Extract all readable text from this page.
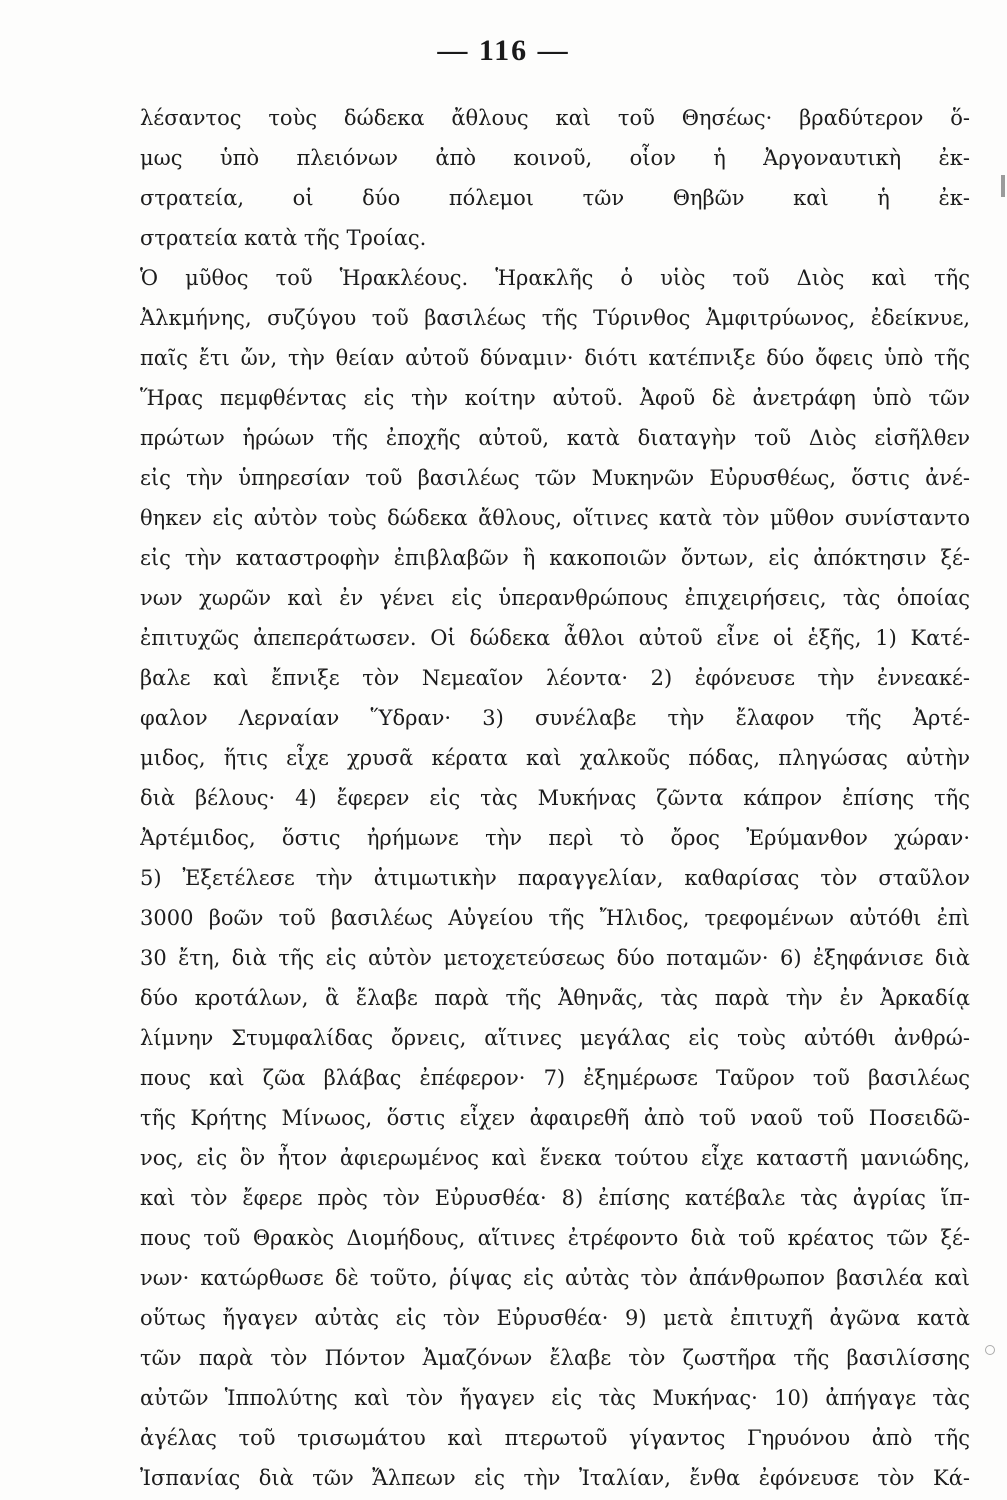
— 116 —
λέσαντος τοὺς δώδεκα ἄθλους καὶ τοῦ Θησέως· βραδύτερον ὅ-
μως ὑπὸ πλειόνων ἀπὸ κοινοῦ, οἷον ἡ Ἀργοναυτικὴ ἐκ-
στρατεία, οἱ δύο πόλεμοι τῶν Θηβῶν καὶ ἡ ἐκ-
στρατεία κατὰ τῆς Τροίας.
Ὁ μῦθος τοῦ Ἡρακλέους. Ἡρακλῆς ὁ υἱὸς τοῦ Διὸς καὶ τῆς
Ἀλκμήνης, συζύγου τοῦ βασιλέως τῆς Τύρινθος Ἀμφιτρύωνος, ἐδείκνυε,
παῖς ἔτι ὤν, τὴν θείαν αὐτοῦ δύναμιν· διότι κατέπνιξε δύο ὄφεις ὑπὸ τῆς
Ἥρας πεμφθέντας εἰς τὴν κοίτην αὐτοῦ. Ἀφοῦ δὲ ἀνετράφη ὑπὸ τῶν
πρώτων ἡρώων τῆς ἐποχῆς αὐτοῦ, κατὰ διαταγὴν τοῦ Διὸς εἰσῆλθεν
εἰς τὴν ὑπηρεσίαν τοῦ βασιλέως τῶν Μυκηνῶν Εὐρυσθέως, ὅστις ἀνέ-
θηκεν εἰς αὐτὸν τοὺς δώδεκα ἄθλους, οἵτινες κατὰ τὸν μῦθον συνίσταντο
εἰς τὴν καταστροφὴν ἐπιβλαβῶν ἢ κακοποιῶν ὄντων, εἰς ἀπόκτησιν ξέ-
νων χωρῶν καὶ ἐν γένει εἰς ὑπερανθρώπους ἐπιχειρήσεις, τὰς ὁποίας
ἐπιτυχῶς ἀπεπεράτωσεν. Οἱ δώδεκα ἆθλοι αὐτοῦ εἶνε οἱ ἑξῆς, 1) Κατέ-
βαλε καὶ ἔπνιξε τὸν Νεμεαῖον λέοντα· 2) ἐφόνευσε τὴν ἐννεακέ-
φαλον Λερναίαν Ὕδραν· 3) συνέλαβε τὴν ἔλαφον τῆς Ἀρτέ-
μιδος, ἥτις εἶχε χρυσᾶ κέρατα καὶ χαλκοῦς πόδας, πληγώσας αὐτὴν
διὰ βέλους· 4) ἔφερεν εἰς τὰς Μυκήνας ζῶντα κάπρον ἐπίσης τῆς
Ἀρτέμιδος, ὅστις ἠρήμωνε τὴν περὶ τὸ ὄρος Ἐρύμανθον χώραν·
5) Ἐξετέλεσε τὴν ἀτιμωτικὴν παραγγελίαν, καθαρίσας τὸν σταῦλον
3000 βοῶν τοῦ βασιλέως Αὐγείου τῆς Ἤλιδος, τρεφομένων αὐτόθι ἐπὶ
30 ἔτη, διὰ τῆς εἰς αὐτὸν μετοχετεύσεως δύο ποταμῶν· 6) ἐξηφάνισε διὰ
δύο κροτάλων, ἃ ἔλαβε παρὰ τῆς Ἀθηνᾶς, τὰς παρὰ τὴν ἐν Ἀρκαδίᾳ
λίμνην Στυμφαλίδας ὄρνεις, αἵτινες μεγάλας εἰς τοὺς αὐτόθι ἀνθρώ-
πους καὶ ζῶα βλάβας ἐπέφερον· 7) ἐξημέρωσε Ταῦρον τοῦ βασιλέως
τῆς Κρήτης Μίνωος, ὅστις εἶχεν ἀφαιρεθῆ ἀπὸ τοῦ ναοῦ τοῦ Ποσειδῶ-
νος, εἰς ὃν ἦτον ἀφιερωμένος καὶ ἕνεκα τούτου εἶχε καταστῆ μανιώδης,
καὶ τὸν ἔφερε πρὸς τὸν Εὐρυσθέα· 8) ἐπίσης κατέβαλε τὰς ἀγρίας ἵπ-
πους τοῦ Θρακὸς Διομήδους, αἵτινες ἐτρέφοντο διὰ τοῦ κρέατος τῶν ξέ-
νων· κατώρθωσε δὲ τοῦτο, ῥίψας εἰς αὐτὰς τὸν ἀπάνθρωπον βασιλέα καὶ
οὕτως ἤγαγεν αὐτὰς εἰς τὸν Εὐρυσθέα· 9) μετὰ ἐπιτυχῆ ἀγῶνα κατὰ
τῶν παρὰ τὸν Πόντον Ἀμαζόνων ἔλαβε τὸν ζωστῆρα τῆς βασιλίσσης
αὐτῶν Ἱππολύτης καὶ τὸν ἤγαγεν εἰς τὰς Μυκήνας· 10) ἀπήγαγε τὰς
ἀγέλας τοῦ τρισωμάτου καὶ πτερωτοῦ γίγαντος Γηρυόνου ἀπὸ τῆς
Ἰσπανίας διὰ τῶν Ἄλπεων εἰς τὴν Ἰταλίαν, ἔνθα ἐφόνευσε τὸν Κά-
